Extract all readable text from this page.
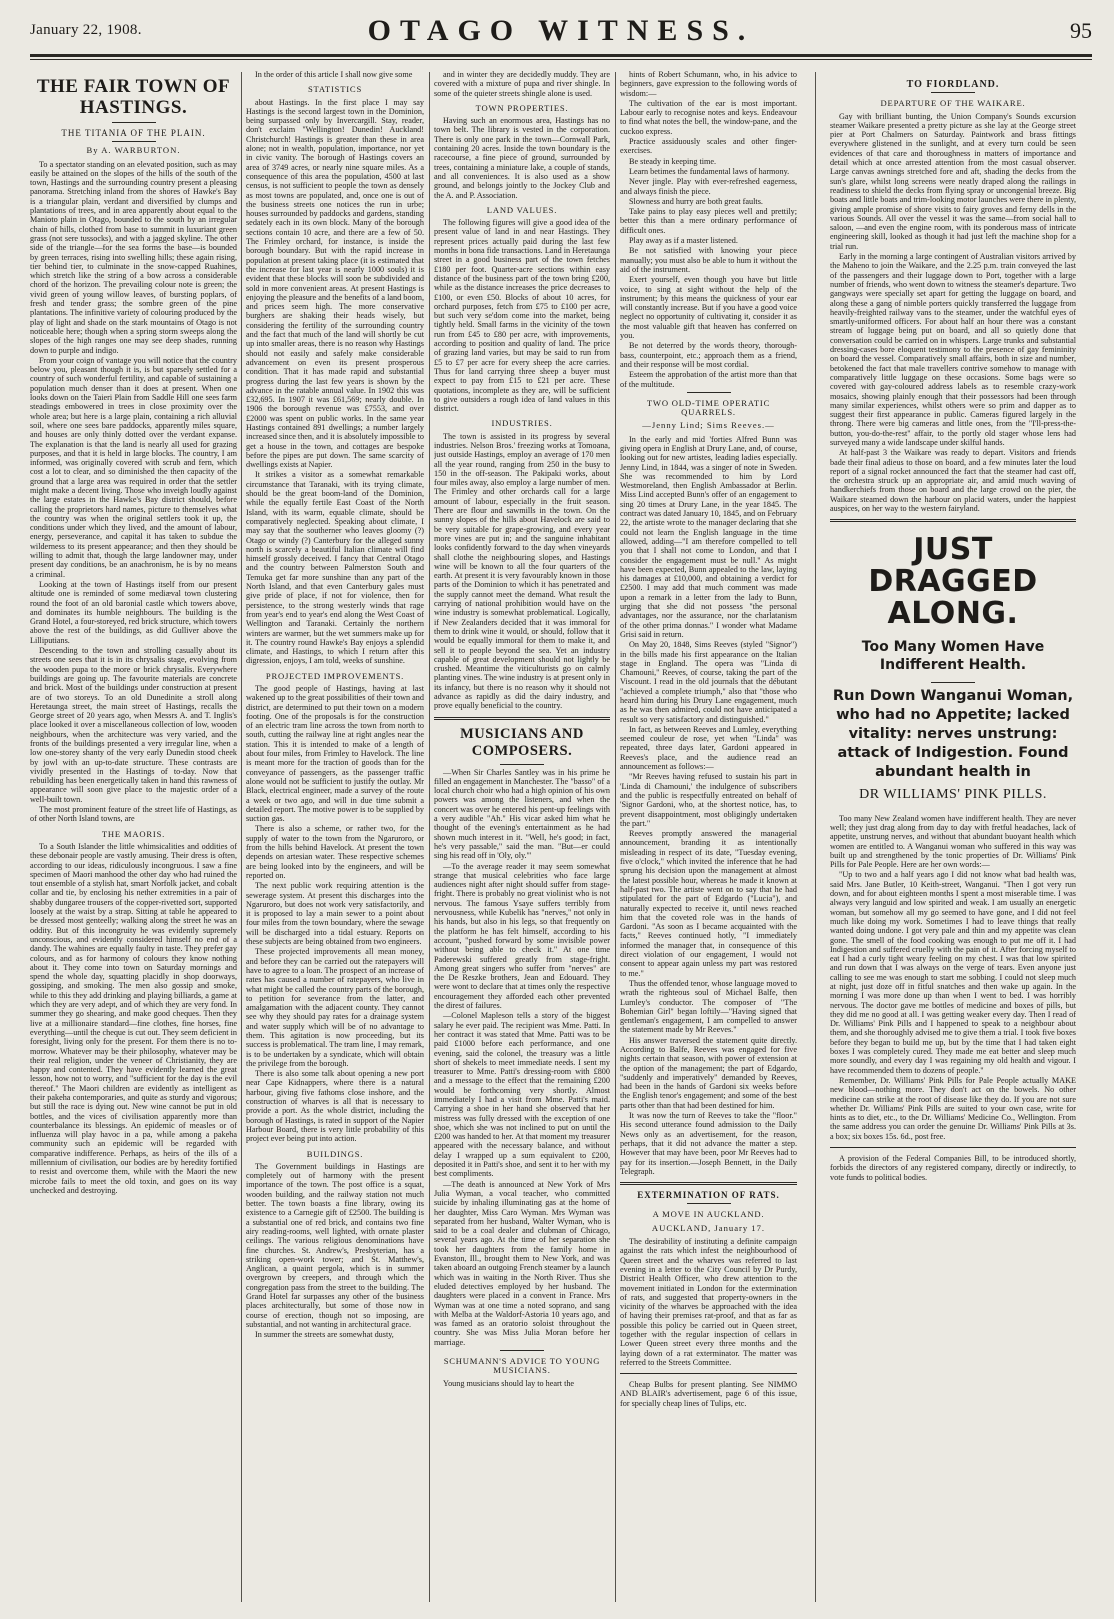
January 22, 1908.	OTAGO WITNESS.	95
THE FAIR TOWN OF
HASTINGS.
THE TITANIA OF THE PLAIN.
By A. WARBURTON.

To a spectator standing on an elevated position, such as may easily be attained on the slopes of the hills of the south of the town, Hastings and the surrounding country present a pleasing panorama. Stretching inland from the shores of Hawke's Bay is a triangular plain, verdant and diversified by clumps and plantations of trees, and in area apparently about equal to the Manioto plain in Otago, bounded to the south by an irregular chain of hills, clothed from base to summit in luxuriant green grass (not sere tussocks), and with a jagged skyline. The other side of the triangle—for the sea forms the base—is bounded by green terraces, rising into swelling hills; these again rising, tier behind tier, to culminate in the snow-capped Ruahines, which stretch like the string of a bow across a considerable chord of the horizon. The prevailing colour note is green; the vivid green of young willow leaves, of bursting poplars, of fresh and tender grass; the sombre green of the pine plantations. The infinitive variety of colouring produced by the play of light and shade on the stark mountains of Otago is not noticeable here; though when a spring storm sweeps along the slopes of the high ranges one may see deep shades, running down to purple and indigo.

From your coign of vantage you will notice that the country below you, pleasant though it is, is but sparsely settled for a country of such wonderful fertility, and capable of sustaining a population much denser than it does at present. When one looks down on the Taieri Plain from Saddle Hill one sees farm steadings embowered in trees in close proximity over the whole area; but here is a large plain, containing a rich alluvial soil, where one sees bare paddocks, apparently miles square, and houses are only thinly dotted over the verdant expanse. The explanation is that the land is nearly all used for grazing purposes, and that it is held in large blocks. The country, I am informed, was originally covered with scrub and fern, which cost a lot to clear, and so diminished the then capacity of the ground that a large area was required in order that the settler might make a decent living. Those who inveigh loudly against the large estates in the Hawke's Bay district should, before calling the proprietors hard names, picture to themselves what the country was when the original settlers took it up, the conditions under which they lived, and the amount of labour, energy, perseverance, and capital it has taken to subdue the wilderness to its present appearance; and then they should be willing to admit that, though the large landowner may, under present day conditions, be an anachronism, he is by no means a criminal.

Looking at the town of Hastings itself from our present altitude one is reminded of some mediæval town clustering round the foot of an old baronial castle which towers above, and dominates its humble neighbours. The building is the Grand Hotel, a four-storeyed, red brick structure, which towers above the rest of the buildings, as did Gulliver above the Lilliputians.

Descending to the town and strolling casually about its streets one sees that it is in its chrysalis stage, evolving from the wooden pupa to the more or brick chrysalis. Everywhere buildings are going up. The favourite materials are concrete and brick. Most of the buildings under construction at present are of two storeys. To an old Dunedinite a stroll along Heretaunga street, the main street of Hastings, recalls the George street of 20 years ago, when Messrs A. and T. Inglis's place looked it over a miscellaneous collection of low, wooden neighbours, when the architecture was very varied, and the fronts of the buildings presented a very irregular line, when a low one-storey shanty of the very early Dunedin stood cheek by jowl with an up-to-date structure. These contrasts are vividly presented in the Hastings of to-day. Now that rebuilding has been energetically taken in hand this rawness of appearance will soon give place to the majestic order of a well-built town.

The most prominent feature of the street life of Hastings, as of other North Island towns, are

THE MAORIS.

To a South Islander the little whimsicalities and oddities of these debonair people are vastly amusing. Their dress is often, according to our ideas, ridiculously incongruous. I saw a fine specimen of Maori manhood the other day who had ruined the tout ensemble of a stylish hat, smart Norfolk jacket, and cobalt collar and tie, by enclosing his nether extremities in a pair of shabby dungaree trousers of the copper-rivetted sort, supported loosely at the waist by a strap. Sitting at table he appeared to be dressed most genteelly; walking along the street he was an oddity. But of this incongruity he was evidently supremely unconscious, and evidently considered himself no end of a dandy. The wahines are equally faulty in taste. They prefer gay colours, and as for harmony of colours they know nothing about it. They come into town on Saturday mornings and spend the whole day, squatting placidly in shop doorways, gossiping, and smoking. The men also gossip and smoke, while to this they add drinking and playing billiards, a game at which they are very adept, and of which they are very fond. In summer they go shearing, and make good cheques. Then they live at a millionaire standard—fine clothes, fine horses, fine everything—until the cheque is cut out. They seem deficient in foresight, living only for the present. For them there is no to-morrow. Whatever may be their philosophy, whatever may be their real religion, under the veneer of Christianity, they are happy and contented. They have evidently learned the great lesson, how not to worry, and "sufficient for the day is the evil thereof." The Maori children are evidently as intelligent as their pakeha contemporaries, and quite as sturdy and vigorous; but still the race is dying out. New wine cannot be put in old bottles, and the vices of civilisation apparently more than counterbalance its blessings. An epidemic of measles or of influenza will play havoc in a pa, while among a pakeha community such an epidemic will be regarded with comparative indifference. Perhaps, as heirs of the ills of a millennium of civilisation, our bodies are by heredity fortified to resist and overcome them, while with the Maori the new microbe fails to meet the old toxin, and goes on its way unchecked and destroying.

In the order of this article I shall now give some

STATISTICS

about Hastings. In the first place I may say Hastings is the second largest town in the Dominion, being surpassed only by Invercargill. Stay, reader, don't exclaim "Wellington! Dunedin! Auckland! Christchurch! Hastings is greater than these in area alone; not in wealth, population, importance, nor yet in civic vanity. The borough of Hastings covers an area of 3749 acres, or nearly nine square miles. As a consequence of this area the population, 4500 at last census, is not sufficient to people the town as densely as most towns are populated, and, once one is out of the business streets one notices the run in urbe; houses surrounded by paddocks and gardens, standing sedately each in its own block. Many of the borough sections contain 10 acre, and there are a few of 50. The Frimley orchard, for instance, is inside the borough boundary. But with the rapid increase in population at present taking place (it is estimated that the increase for last year is nearly 1000 souls) it is evident that these blocks will soon be subdivided and sold in more convenient areas. At present Hastings is enjoying the pleasure and the benefits of a land boom, and prices seem high. The more conservative burghers are shaking their heads wisely, but considering the fertility of the surrounding country and the fact that much of the land will shortly be cut up into smaller areas, there is no reason why Hastings should not easily and safely make considerable advancement on even its present prosperous condition. That it has made rapid and substantial progress during the last few years is shown by the advance in the ratable annual value. In 1902 this was £32,695. In 1907 it was £61,569; nearly double. In 1906 the borough revenue was £7553, and over £2000 was spent on public works. In the same year Hastings contained 891 dwellings; a number largely increased since then, and it is absolutely impossible to get a house in the town, and cottages are bespoke before the pipes are put down. The same scarcity of dwellings exists at Napier.

It strikes a visitor as a somewhat remarkable circumstance that Taranaki, with its trying climate, should be the great boom-land of the Dominion, while the equally fertile East Coast of the North Island, with its warm, equable climate, should be comparatively neglected. Speaking about climate, I may say that the southerner who leaves gloomy (?) Otago or windy (?) Canterbury for the alleged sunny north is scarcely a beautiful Italian climate will find himself grossly deceived. I fancy that Central Otago and the country between Palmerston South and Temuka get far more sunshine than any part of the North Island, and that even Canterbury gales must give pride of place, if not for violence, then for persistence, to the strong westerly winds that rage from year's end to year's end along the West Coast of Wellington and Taranaki. Certainly the northern winters are warmer, but the wet summers make up for it. The country round Hawke's Bay enjoys a splendid climate, and Hastings, to which I return after this digression, enjoys, I am told, weeks of sunshine.

PROJECTED IMPROVEMENTS.

The good people of Hastings, having at last wakened up to the great possibilities of their town and district, are determined to put their town on a modern footing. One of the proposals is for the construction of an electric tram line across the town from north to south, cutting the railway line at right angles near the station. This it is intended to make of a length of about four miles, from Frimley to Havelock. The line is meant more for the traction of goods than for the conveyance of passengers, as the passenger traffic alone would not be sufficient to justify the outlay. Mr Black, electrical engineer, made a survey of the route a week or two ago, and will in due time submit a detailed report. The motive power is to be supplied by suction gas.

There is also a scheme, or rather two, for the supply of water to the town from the Ngaruroro, or from the hills behind Havelock. At present the town depends on artesian water. These respective schemes are being looked into by the engineers, and will be reported on.

The next public work requiring attention is the sewerage system. At present this discharges into the Ngaruroro, but does not work very satisfactorily, and it is proposed to lay a main sewer to a point about four miles from the town boundary, where the sewage will be discharged into a tidal estuary. Reports on these subjects are being obtained from two engineers.

These projected improvements all mean money, and before they can be carried out the ratepayers will have to agree to a loan. The prospect of an increase of rates has caused a number of ratepayers, who live in what might be called the country parts of the borough, to petition for severance from the latter, and amalgamation with the adjacent county. They cannot see why they should pay rates for a drainage system and water supply which will be of no advantage to them. This agitation is now proceeding, but its success is problematical. The tram line, I may remark, is to be undertaken by a syndicate, which will obtain the privilege from the borough.

There is also some talk about opening a new port near Cape Kidnappers, where there is a natural harbour, giving five fathoms close inshore, and the construction of wharves is all that is necessary to provide a port. As the whole district, including the borough of Hastings, is rated in support of the Napier Harbour Board, there is very little probability of this project ever being put into action.

BUILDINGS.

The Government buildings in Hastings are completely out of harmony with the present importance of the town. The post office is a squat, wooden building, and the railway station not much better. The town boasts a fine library, owing its existence to a Carnegie gift of £2500. The building is a substantial one of red brick, and contains two fine airy reading-rooms, well lighted, with ornate plaster ceilings. The various religious denominations have fine churches. St. Andrew's, Presbyterian, has a striking open-work tower; and St. Matthew's, Anglican, a quaint pergola, which is in summer overgrown by creepers, and through which the congregation pass from the street to the building. The Grand Hotel far surpasses any other of the business places architecturally, but some of those now in course of erection, though not so imposing, are substantial, and not wanting in architectural grace.

In summer the streets are somewhat dusty,

and in winter they are decidedly muddy. They are covered with a mixture of pupa and river shingle. In some of the quieter streets shingle alone is used.

TOWN PROPERTIES.

Having such an enormous area, Hastings has no town belt. The library is vested in the corporation. There is only one park in the town—Cornwall Park, containing 20 acres. Inside the town boundary is the racecourse, a fine piece of ground, surrounded by trees, containing a miniature lake, a couple of stands, and all conveniences. It is also used as a show ground, and belongs jointly to the Jockey Club and the A. and P. Association.

LAND VALUES.

The following figures will give a good idea of the present value of land in and near Hastings. They represent prices actually paid during the last few months in bona fide transactions. Land in Heretaunga street in a good business part of the town fetches £180 per foot. Quarter-acre sections within easy distance of the business part of the town bring £200, while as the distance increases the price decreases to £100, or even £50. Blocks of about 10 acres, for orchard purposes, fetch from £75 to £100 per acre, but such very se'dom come into the market, being tightly held. Small farms in the vicinity of the town run from £45 to £80 per acre, with improvements, according to position and quality of land. The price of grazing land varies, but may be said to run from £5 to £7 per acre for every sheep the acre carries. Thus for land carrying three sheep a buyer must expect to pay from £15 to £21 per acre. These quotations, incomplete as they are, will be sufficient to give outsiders a rough idea of land values in this district.

INDUSTRIES.

The town is assisted in its progress by several industries. Nelson Bros.' freezing works at Tomoana, just outside Hastings, employ an average of 170 men all the year round, ranging from 250 in the busy to 150 in the off-season. The Pakipaki works, about four miles away, also employ a large number of men. The Frimley and other orchards call for a large amount of labour, especially in the fruit season. There are flour and sawmills in the town. On the sunny slopes of the hills about Havelock are said to be very suitable for grape-growing, and every year more vines are put in; and the sanguine inhabitant looks confidently forward to the day when vineyards shall clothe the neighbouring slopes, and Hastings wine will be known to all the four quarters of the earth. At present it is very favourably known in those parts of the Dominion to which it has penetrated and the supply cannot meet the demand. What result the carrying of national prohibition would have on the wine industry is somewhat problematical. Logically, if New Zealanders decided that it was immoral for them to drink wine it would, or should, follow that it would be equally immoral for them to make it, and sell it to people beyond the sea. Yet an industry capable of great development should not lightly be crushed. Meantime the viticulturists go on calmly planting vines. The wine industry is at present only in its infancy, but there is no reason why it should not advance as rapidly as did the dairy industry, and prove equally beneficial to the country.

MUSICIANS AND COMPOSERS.

—When Sir Charles Santley was in his prime he filled an engagement in Manchester. The "basso" of a local church choir who had a high opinion of his own powers was among the listeners, and when the concert was over he entered his pent-up feelings with a very audible "Ah." His vicar asked him what he thought of the evening's entertainment as he had shown much interest in it. "Well, he's good; in fact, he's very passable," said the man. "But—er could sing his read off in 'Oly, oly.'"

—To the average reader it may seem somewhat strange that musical celebrities who face large audiences night after night should suffer from stage-fright. There is probably no great violinist who is not nervous. The famous Ysaye suffers terribly from nervousness, while Kubelik has "nerves," not only in his hands, but also in his legs, so that frequently on the platform he has felt himself, according to his account, "pushed forward by some invisible power without being able to check it." At one time Paderewski suffered greatly from stage-fright. Among great singers who suffer from "nerves" are the De Reszke brothers, Jean and Edouard. They were wont to declare that at times only the respective encouragement they afforded each other prevented the direst of failures.

—Colonel Mapleson tells a story of the biggest salary he ever paid. The recipient was Mme. Patti. In her contract it was stated that Mme. Patti was to be paid £1000 before each performance, and one evening, said the colonel, the treasury was a little short of shekels to meet immediate needs. I sent my treasurer to Mme. Patti's dressing-room with £800 and a message to the effect that the remaining £200 would be forthcoming very shortly. Almost immediately I had a visit from Mme. Patti's maid. Carrying a shoe in her hand she observed that her mistress was fully dressed with the exception of one shoe, which she was not inclined to put on until the £200 was handed to her. At that moment my treasurer appeared with the necessary balance, and without delay I wrapped up a sum equivalent to £200, deposited it in Patti's shoe, and sent it to her with my best compliments.

—The death is announced at New York of Mrs Julia Wyman, a vocal teacher, who committed suicide by inhaling illuminating gas at the home of her daughter, Miss Caro Wyman. Mrs Wyman was separated from her husband, Walter Wyman, who is said to be a coal dealer and clubman of Chicago, several years ago. At the time of her separation she took her daughters from the family home in Evanston, Ill., brought them to New York, and was taken aboard an outgoing French steamer by a launch which was in waiting in the North River. Thus she eluded detectives employed by her husband. The daughters were placed in a convent in France. Mrs Wyman was at one time a noted soprano, and sang with Melba at the Waldorf-Astoria 10 years ago, and was famed as an oratorio soloist throughout the country. She was Miss Julia Moran before her marriage.

SCHUMANN'S ADVICE TO YOUNG MUSICIANS.

Young musicians should lay to heart the

hints of Robert Schumann, who, in his advice to beginners, gave expression to the following words of wisdom:—

The cultivation of the ear is most important. Labour early to recognise notes and keys. Endeavour to find what notes the bell, the window-pane, and the cuckoo express.

Practice assiduously scales and other finger-exercises.

Be steady in keeping time.

Learn betimes the fundamental laws of harmony.

Never jingle. Play with ever-refreshed eagerness, and always finish the piece.

Slowness and hurry are both great faults.

Take pains to play easy pieces well and prettily; better this than a mere ordinary performance of difficult ones.

Play away as if a master listened.

Be not satisfied with knowing your piece manually; you must also be able to hum it without the aid of the instrument.

Exert yourself, even though you have but little voice, to sing at sight without the help of the instrument; by this means the quickness of your ear will constantly increase. But if you have a good voice neglect no opportunity of cultivating it, consider it as the most valuable gift that heaven has conferred on you.

Be not deterred by the words theory, thorough-bass, counterpoint, etc.; approach them as a friend, and their response will be most cordial.

Esteem the approbation of the artist more than that of the multitude.

TWO OLD-TIME OPERATIC QUARRELS.
—Jenny Lind; Sims Reeves.—

In the early and mid 'forties Alfred Bunn was giving opera in English at Drury Lane, and, of course, looking out for new artistes, leading ladies especially. Jenny Lind, in 1844, was a singer of note in Sweden. She was recommended to him by Lord Westmoreland, then English Ambassador at Berlin. Miss Lind accepted Bunn's offer of an engagement to sing 20 times at Drury Lane, in the year 1845. The contract was dated January 10, 1845, and on February 22, the artiste wrote to the manager declaring that she could not learn the English language in the time allowed, adding—"I am therefore compelled to tell you that I shall not come to London, and that I consider the engagement must be null." As might have been expected, Bunn appealed to the law, laying his damages at £10,000, and obtaining a verdict for £2500. I may add that much comment was made upon a remark in a letter from the lady to Bunn, urging that she did not possess "the personal advantages, nor the assurance, nor the charlatanism of the other prima donnas." I wonder what Madame Grisi said in return.

On May 20, 1848, Sims Reeves (styled "Signor") in the bills made his first appearance on the Italian stage in England. The opera was "Linda di Chamouni," Reeves, of course, taking the part of the Viscount. I read in the old journals that the débutant "achieved a complete triumph," also that "those who heard him during his Drury Lane engagement, much as he was then admired, could not have anticipated a result so very satisfactory and distinguished."

In fact, as between Reeves and Lumley, everything seemed couleur de rose, yet when "Linda" was repeated, three days later, Gardoni appeared in Reeves's place, and the audience read an announcement as follows:—

"Mr Reeves having refused to sustain his part in 'Linda di Chamouni,' the indulgence of subscribers and the public is respectfully entreated on behalf of 'Signor Gardoni, who, at the shortest notice, has, to prevent disappointment, most obligingly undertaken the part."

Reeves promptly answered the managerial announcement, branding it as intentionally misleading in respect of its date, "Tuesday evening, five o'clock," which invited the inference that he had sprung his decision upon the management at almost the latest possible hour, whereas he made it known at half-past two. The artiste went on to say that he had stipulated for the part of Edgardo ("Lucia"), and naturally expected to receive it, until news reached him that the coveted role was in the hands of Gardoni. "As soon as I became acquainted with the facts," Reeves continued hotly, "I immediately informed the manager that, in consequence of this direct violation of our engagement, I would not consent to appear again unless my part was restored to me."

Thus the offended tenor, whose language moved to wrath the righteous soul of Michael Balfe, then Lumley's conductor. The composer of "The Bohemian Girl" began loftily—"Having signed that gentleman's engagement, I am compelled to answer the statement made by Mr Reeves."

His answer traversed the statement quite directly. According to Balfe, Reeves was engaged for five nights certain that season, with power of extension at the option of the management; the part of Edgardo, "suddenly and imperatively" demanded by Reeves, had been in the hands of Gardoni six weeks before the English tenor's engagement; and some of the best parts other than that had been destined for him.

It was now the turn of Reeves to take the "floor." His second utterance found admission to the Daily News only as an advertisement, for the reason, perhaps, that it did not advance the matter a step. However that may have been, poor Mr Reeves had to pay for its insertion.—Joseph Bennett, in the Daily Telegraph.

EXTERMINATION OF RATS.
A MOVE IN AUCKLAND.
AUCKLAND, January 17.

The desirability of instituting a definite campaign against the rats which infest the neighbourhood of Queen street and the wharves was referred to last evening in a letter to the City Council by Dr Purdy, District Health Officer, who drew attention to the movement initiated in London for the extermination of rats, and suggested that property-owners in the vicinity of the wharves be approached with the idea of having their premises rat-proof, and that as far as possible this policy be carried out in Queen street, together with the regular inspection of cellars in Lower Queen street every three months and the laying down of a rat exterminator. The matter was referred to the Streets Committee.

Cheap Bulbs for present planting. See NIMMO AND BLAIR's advertisement, page 6 of this issue, for specially cheap lines of Tulips, etc.

TO FIORDLAND.
DEPARTURE OF THE WAIKARE.

Gay with brilliant bunting, the Union Company's Sounds excursion steamer Waikare presented a pretty picture as she lay at the George street pier at Port Chalmers on Saturday. Paintwork and brass fittings everywhere glistened in the sunlight, and at every turn could be seen evidences of that care and thoroughness in matters of importance and detail which at once arrested attention from the most casual observer. Large canvas awnings stretched fore and aft, shading the decks from the sun's glare, whilst long screens were neatly draped along the railings in readiness to shield the decks from flying spray or uncongenial breeze. Big boats and little boats and trim-looking motor launches were there in plenty, giving ample promise of shore visits to fairy groves and ferny dells in the various Sounds. All over the vessel it was the same—from social hall to saloon, —and even the engine room, with its ponderous mass of intricate engineering skill, looked as though it had just left the machine shop for a trial run.

Early in the morning a large contingent of Australian visitors arrived by the Maheno to join the Waikare, and the 2.25 p.m. train conveyed the last of the passengers and their luggage down to Port, together with a large number of friends, who went down to witness the steamer's departure. Two gangways were specially set apart for getting the luggage on board, and along these a gang of nimble porters quickly transferred the luggage from heavily-freighted railway vans to the steamer, under the watchful eyes of smartly-uniformed officers. For about half an hour there was a constant stream of luggage being put on board, and all so quietly done that conversation could be carried on in whispers. Large trunks and substantial dressing-cases bore eloquent testimony to the presence of gay femininity on board the vessel. Comparatively small affairs, both in size and number, betokened the fact that male travellers contrive somehow to manage with comparatively little luggage on these occasions. Some bags were so covered with gay-coloured address labels as to resemble crazy-work mosaics, showing plainly enough that their possessors had been through many similar experiences, whilst others were so prim and dapper as to suggest their first appearance in public. Cameras figured largely in the throng. There were big cameras and little ones, from the "I'll-press-the-button, you-do-the-rest" affair, to the portly old stager whose lens had surveyed many a wide landscape under skilful hands.

At half-past 3 the Waikare was ready to depart. Visitors and friends bade their final adieus to those on board, and a few minutes later the loud report of a signal rocket announced the fact that the steamer had cast off, the orchestra struck up an appropriate air, and amid much waving of handkerchiefs from those on board and the large crowd on the pier, the Waikare steamed down the harbour on placid waters, under the happiest auspices, on her way to the western fairyland.

JUST DRAGGED ALONG.
Too Many Women Have Indifferent Health.
Run Down Wanganui Woman, who had no Appetite; lacked vitality: nerves unstrung: attack of Indigestion. Found abundant health in
DR WILLIAMS' PINK PILLS.

Too many New Zealand women have indifferent health. They are never well; they just drag along from day to day with fretful headaches, lack of appetite, unstrung nerves, and without that abundant buoyant health which women are entitled to. A Wanganui woman who suffered in this way was built up and strengthened by the tonic properties of Dr. Williams' Pink Pills for Pale People. Here are her own words:—

"Up to two and a half years ago I did not know what bad health was, said Mrs. Jane Butler, 10 Keith-street, Wanganui. "Then I got very run down, and for about eighteen months I spent a most miserable time. I was always very languid and low spirited and weak. I am usually an energetic woman, but somehow all my go seemed to have gone, and I did not feel much like doing my work. Sometimes I had to leave things that really wanted doing undone. I got very pale and thin and my appetite was clean gone. The smell of the food cooking was enough to put me off it. I had Indigestion and suffered cruelly with the pain of it. After forcing myself to eat I had a curly tight weary feeling on my chest. I was that low spirited and run down that I was always on the verge of tears. Even anyone just calling to see me was enough to start me sobbing. I could not sleep much at night, just doze off in fitful snatches and then wake up again. In the morning I was more done up than when I went to bed. I was horribly nervous. The doctor gave me bottles of medicine and boxes of pills, but they did me no good at all. I was getting weaker every day. Then I read of Dr. Williams' Pink Pills and I happened to speak to a neighbour about them, and she thoroughly advised me to give them a trial. I took five boxes before they began to build me up, but by the time that I had taken eight boxes I was completely cured. They made me eat better and sleep much more soundly, and every day I was regaining my old health and vigour. I have recommended them to dozens of people."

Remember, Dr. Williams' Pink Pills for Pale People actually MAKE new blood—nothing more. They don't act on the bowels. No other medicine can strike at the root of disease like they do. If you are not sure whether Dr. Williams' Pink Pills are suited to your own case, write for hints as to diet, etc., to the Dr. Williams' Medicine Co., Wellington. From the same address you can order the genuine Dr. Williams' Pink Pills at 3s. a box; six boxes 15s. 6d., post free.

A provision of the Federal Companies Bill, to be introduced shortly, forbids the directors of any registered company, directly or indirectly, to vote funds to political bodies.
